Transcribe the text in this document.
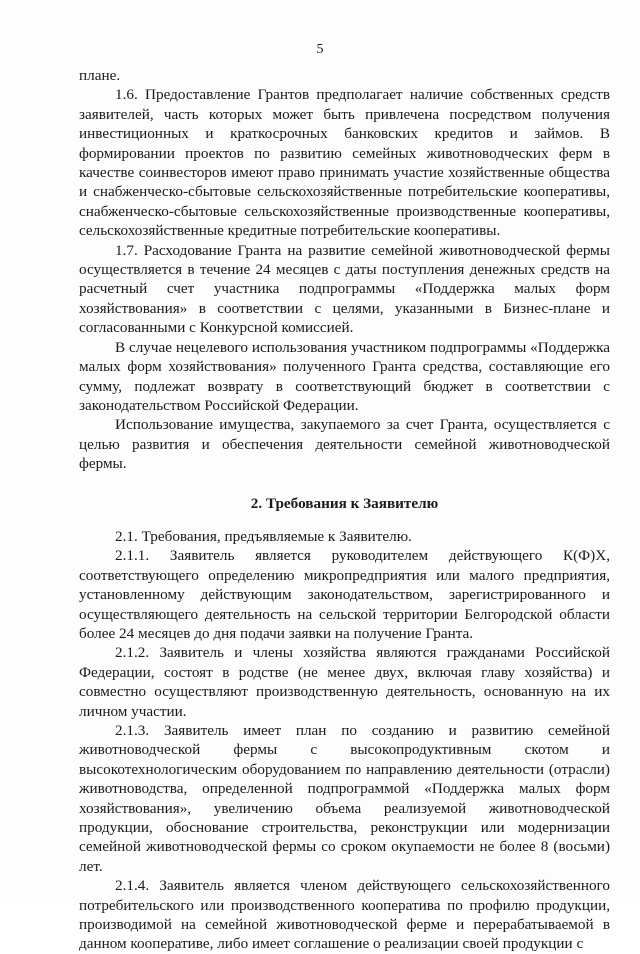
5

плане.

1.6. Предоставление Грантов предполагает наличие собственных средств заявителей, часть которых может быть привлечена посредством получения инвестиционных и краткосрочных банковских кредитов и займов. В формировании проектов по развитию семейных животноводческих ферм в качестве соинвесторов имеют право принимать участие хозяйственные общества и снабженческо-сбытовые сельскохозяйственные потребительские кооперативы, снабженческо-сбытовые сельскохозяйственные производственные кооперативы, сельскохозяйственные кредитные потребительские кооперативы.

1.7. Расходование Гранта на развитие семейной животноводческой фермы осуществляется в течение 24 месяцев с даты поступления денежных средств на расчетный счет участника подпрограммы «Поддержка малых форм хозяйствования» в соответствии с целями, указанными в Бизнес-плане и согласованными с Конкурсной комиссией.

В случае нецелевого использования участником подпрограммы «Поддержка малых форм хозяйствования» полученного Гранта средства, составляющие его сумму, подлежат возврату в соответствующий бюджет в соответствии с законодательством Российской Федерации.

Использование имущества, закупаемого за счет Гранта, осуществляется с целью развития и обеспечения деятельности семейной животноводческой фермы.

2. Требования к Заявителю

2.1. Требования, предъявляемые к Заявителю.

2.1.1. Заявитель является руководителем действующего К(Ф)Х, соответствующего определению микропредприятия или малого предприятия, установленному действующим законодательством, зарегистрированного и осуществляющего деятельность на сельской территории Белгородской области более 24 месяцев до дня подачи заявки на получение Гранта.

2.1.2. Заявитель и члены хозяйства являются гражданами Российской Федерации, состоят в родстве (не менее двух, включая главу хозяйства) и совместно осуществляют производственную деятельность, основанную на их личном участии.

2.1.3. Заявитель имеет план по созданию и развитию семейной животноводческой фермы с высокопродуктивным скотом и высокотехнологическим оборудованием по направлению деятельности (отрасли) животноводства, определенной подпрограммой «Поддержка малых форм хозяйствования», увеличению объема реализуемой животноводческой продукции, обоснование строительства, реконструкции или модернизации семейной животноводческой фермы со сроком окупаемости не более 8 (восьми) лет.

2.1.4. Заявитель является членом действующего сельскохозяйственного потребительского или производственного кооператива по профилю продукции, производимой на семейной животноводческой ферме и перерабатываемой в данном кооперативе, либо имеет соглашение о реализации своей продукции с
